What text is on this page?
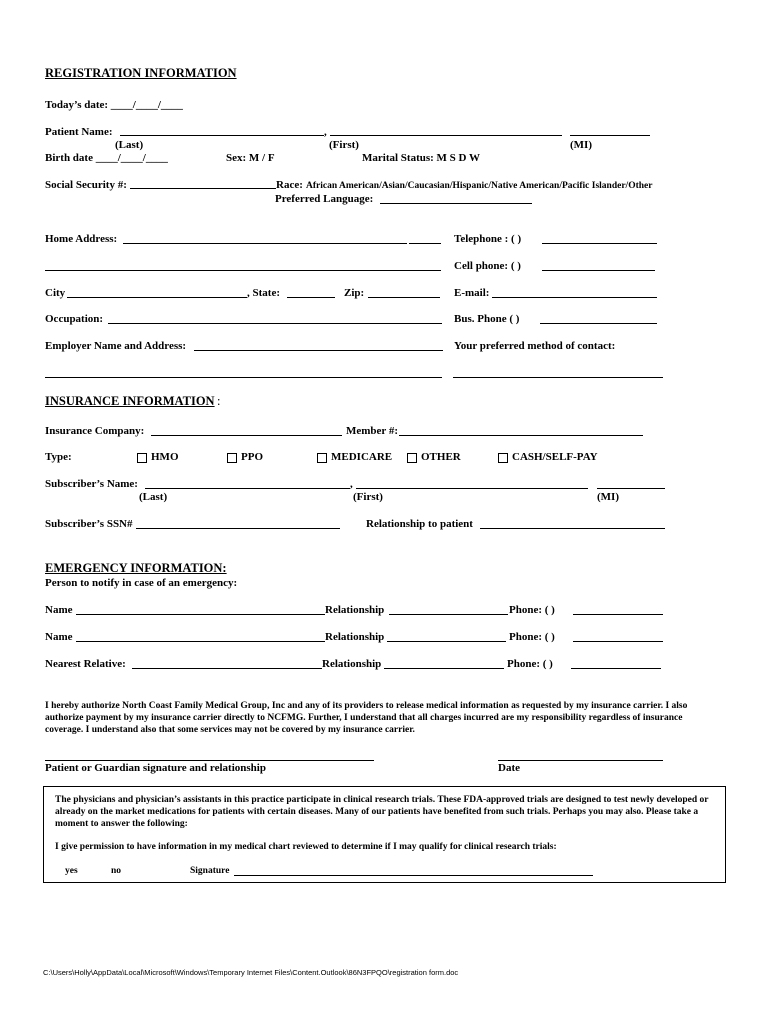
REGISTRATION INFORMATION
Today’s date: ____/____/____
Patient Name:	,
(Last)	(First)	(MI)
Birth date ____/____/____	Sex: M / F	Marital Status: M S D W
Social Security #:	Race: African American/Asian/Caucasian/Hispanic/Native American/Pacific Islander/Other
Preferred Language:
Home Address:	Telephone : ( )
Cell phone: ( )
City	, State:	Zip:	E-mail:
Occupation:	Bus. Phone ( )
Employer Name and Address:	Your preferred method of contact:
INSURANCE INFORMATION :
Insurance Company:	Member #:
Type:	HMO	PPO	MEDICARE	OTHER	CASH/SELF-PAY
Subscriber’s Name:	,
(Last)	(First)	(MI)
Subscriber’s SSN#	Relationship to patient
EMERGENCY INFORMATION:
Person to notify in case of an emergency:
Name	Relationship	Phone: ( )
Name	Relationship	Phone: ( )
Nearest Relative:	Relationship	Phone: ( )
I hereby authorize North Coast Family Medical Group, Inc and any of its providers to release medical information as requested by my insurance carrier. I also authorize payment by my insurance carrier directly to NCFMG. Further, I understand that all charges incurred are my responsibility regardless of insurance coverage. I understand also that some services may not be covered by my insurance carrier.
Patient or Guardian signature and relationship	Date
The physicians and physician’s assistants in this practice participate in clinical research trials. These FDA-approved trials are designed to test newly developed or already on the market medications for patients with certain diseases. Many of our patients have benefited from such trials. Perhaps you may also. Please take a moment to answer the following:
I give permission to have information in my medical chart reviewed to determine if I may qualify for clinical research trials:
yes	no	Signature
C:\Users\Holly\AppData\Local\Microsoft\Windows\Temporary Internet Files\Content.Outlook\86N3FPQO\registration form.doc
